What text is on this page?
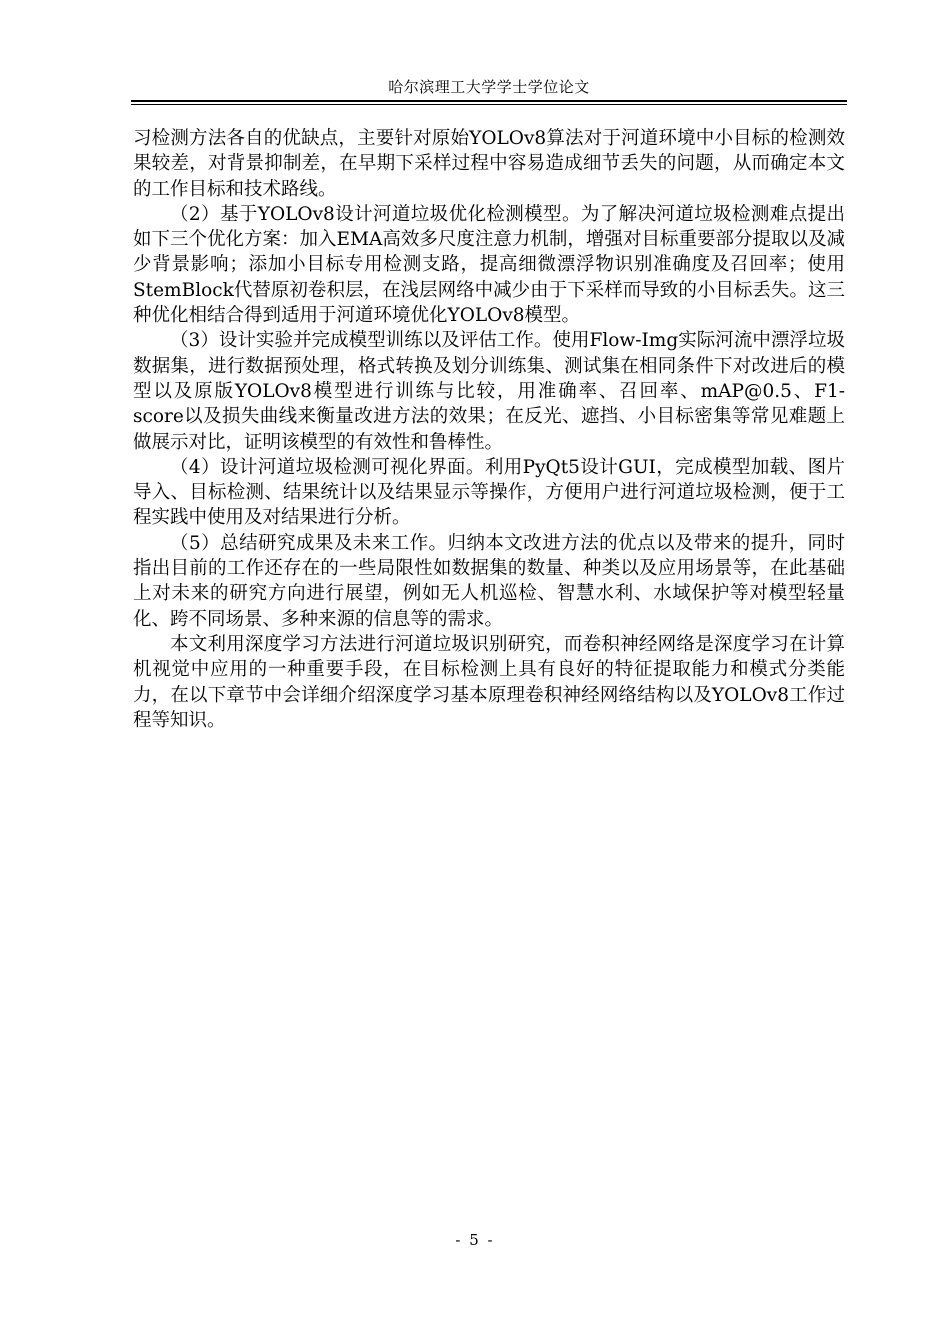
哈尔滨理工大学学士学位论文

习检测方法各自的优缺点，主要针对原始YOLOv8算法对于河道环境中小目标的检测效果较差，对背景抑制差，在早期下采样过程中容易造成细节丢失的问题，从而确定本文的工作目标和技术路线。

（2）基于YOLOv8设计河道垃圾优化检测模型。为了解决河道垃圾检测难点提出如下三个优化方案：加入EMA高效多尺度注意力机制，增强对目标重要部分提取以及减少背景影响；添加小目标专用检测支路，提高细微漂浮物识别准确度及召回率；使用StemBlock代替原初卷积层，在浅层网络中减少由于下采样而导致的小目标丢失。这三种优化相结合得到适用于河道环境优化YOLOv8模型。

（3）设计实验并完成模型训练以及评估工作。使用Flow-Img实际河流中漂浮垃圾数据集，进行数据预处理，格式转换及划分训练集、测试集在相同条件下对改进后的模型以及原版YOLOv8模型进行训练与比较，用准确率、召回率、mAP@0.5、F1-score以及损失曲线来衡量改进方法的效果；在反光、遮挡、小目标密集等常见难题上做展示对比，证明该模型的有效性和鲁棒性。

（4）设计河道垃圾检测可视化界面。利用PyQt5设计GUI，完成模型加载、图片导入、目标检测、结果统计以及结果显示等操作，方便用户进行河道垃圾检测，便于工程实践中使用及对结果进行分析。

（5）总结研究成果及未来工作。归纳本文改进方法的优点以及带来的提升，同时指出目前的工作还存在的一些局限性如数据集的数量、种类以及应用场景等，在此基础上对未来的研究方向进行展望，例如无人机巡检、智慧水利、水域保护等对模型轻量化、跨不同场景、多种来源的信息等的需求。

本文利用深度学习方法进行河道垃圾识别研究，而卷积神经网络是深度学习在计算机视觉中应用的一种重要手段，在目标检测上具有良好的特征提取能力和模式分类能力，在以下章节中会详细介绍深度学习基本原理卷积神经网络结构以及YOLOv8工作过程等知识。

- 5 -
